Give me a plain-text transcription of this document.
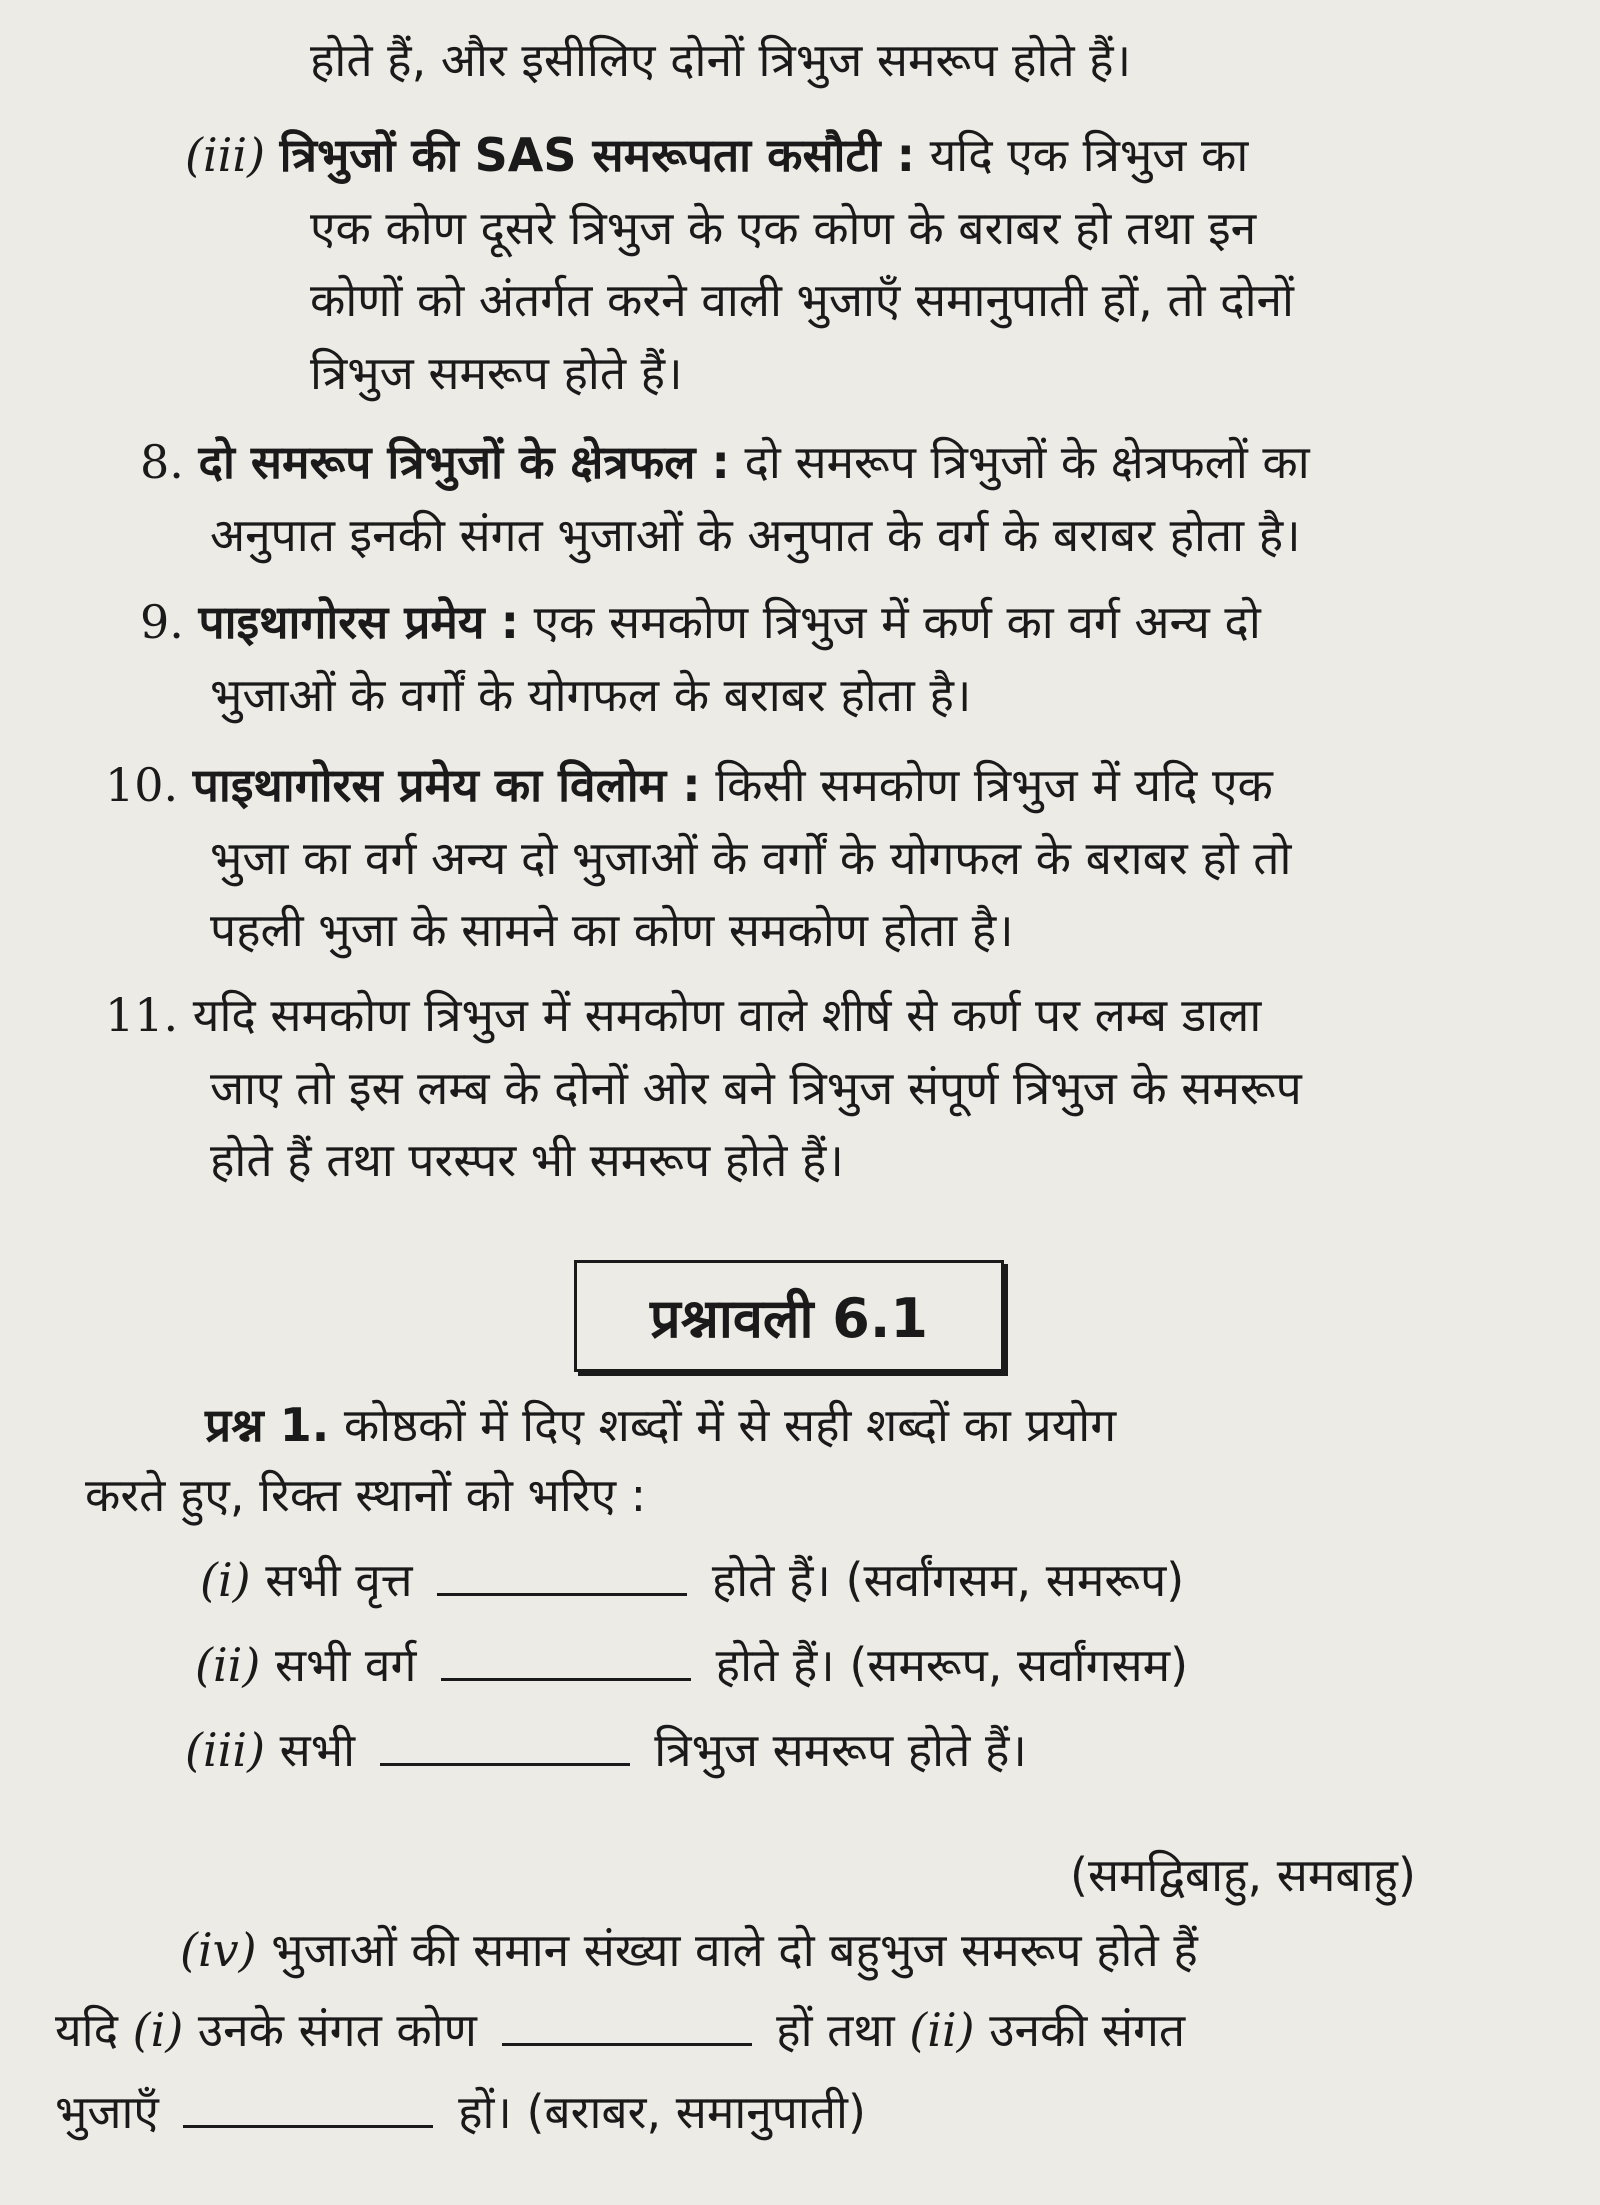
होते हैं, और इसीलिए दोनों त्रिभुज समरूप होते हैं।
(iii) त्रिभुजों की SAS समरूपता कसौटी : यदि एक त्रिभुज का
एक कोण दूसरे त्रिभुज के एक कोण के बराबर हो तथा इन
कोणों को अंतर्गत करने वाली भुजाएँ समानुपाती हों, तो दोनों
त्रिभुज समरूप होते हैं।
8. दो समरूप त्रिभुजों के क्षेत्रफल : दो समरूप त्रिभुजों के क्षेत्रफलों का
अनुपात इनकी संगत भुजाओं के अनुपात के वर्ग के बराबर होता है।
9. पाइथागोरस प्रमेय : एक समकोण त्रिभुज में कर्ण का वर्ग अन्य दो
भुजाओं के वर्गों के योगफल के बराबर होता है।
10. पाइथागोरस प्रमेय का विलोम : किसी समकोण त्रिभुज में यदि एक
भुजा का वर्ग अन्य दो भुजाओं के वर्गों के योगफल के बराबर हो तो
पहली भुजा के सामने का कोण समकोण होता है।
11. यदि समकोण त्रिभुज में समकोण वाले शीर्ष से कर्ण पर लम्ब डाला
जाए तो इस लम्ब के दोनों ओर बने त्रिभुज संपूर्ण त्रिभुज के समरूप
होते हैं तथा परस्पर भी समरूप होते हैं।
प्रश्नावली 6.1
प्रश्न 1. कोष्ठकों में दिए शब्दों में से सही शब्दों का प्रयोग
करते हुए, रिक्त स्थानों को भरिए :
(i) सभी वृत्त	होते हैं। (सर्वांगसम, समरूप)
(ii) सभी वर्ग	होते हैं। (समरूप, सर्वांगसम)
(iii) सभी	त्रिभुज समरूप होते हैं।
(समद्विबाहु, समबाहु)
(iv) भुजाओं की समान संख्या वाले दो बहुभुज समरूप होते हैं
यदि (i) उनके संगत कोण	हों तथा (ii) उनकी संगत
भुजाएँ	हों। (बराबर, समानुपाती)
